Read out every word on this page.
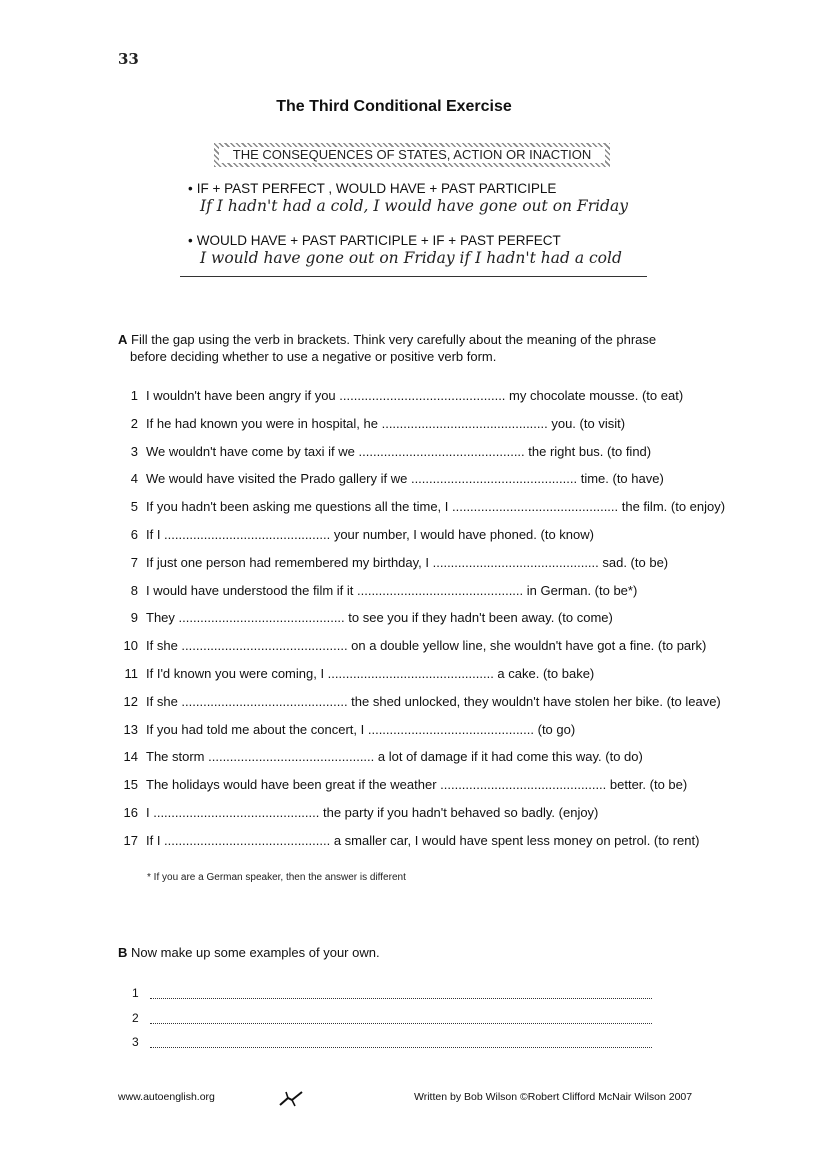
33
The Third Conditional Exercise
THE CONSEQUENCES OF STATES, ACTION OR INACTION
• IF + PAST PERFECT , WOULD HAVE + PAST PARTICIPLE
If I hadn't had a cold, I would have gone out on Friday
• WOULD HAVE + PAST PARTICIPLE + IF + PAST PERFECT
I would have gone out on Friday if I hadn't had a cold
A Fill the gap using the verb in brackets. Think very carefully about the meaning of the phrase
before deciding whether to use a negative or positive verb form.
1 I wouldn't have been angry if you .............................................. my chocolate mousse. (to eat)
2 If he had known you were in hospital, he .............................................. you. (to visit)
3 We wouldn't have come by taxi if we .............................................. the right bus. (to find)
4 We would have visited the Prado gallery if we .............................................. time. (to have)
5 If you hadn't been asking me questions all the time, I .............................................. the film. (to enjoy)
6 If I .............................................. your number, I would have phoned. (to know)
7 If just one person had remembered my birthday, I .............................................. sad. (to be)
8 I would have understood the film if it .............................................. in German. (to be*)
9 They .............................................. to see you if they hadn't been away. (to come)
10 If she .............................................. on a double yellow line, she wouldn't have got a fine. (to park)
11 If I'd known you were coming, I .............................................. a cake. (to bake)
12 If she .............................................. the shed unlocked, they wouldn't have stolen her bike. (to leave)
13 If you had told me about the concert, I .............................................. (to go)
14 The storm .............................................. a lot of damage if it had come this way. (to do)
15 The holidays would have been great if the weather .............................................. better. (to be)
16 I .............................................. the party if you hadn't behaved so badly. (enjoy)
17 If I .............................................. a smaller car, I would have spent less money on petrol. (to rent)
* If you are a German speaker, then the answer is different
B Now make up some examples of your own.
1
2
3
www.autoenglish.org	Written by Bob Wilson ©Robert Clifford McNair Wilson 2007
